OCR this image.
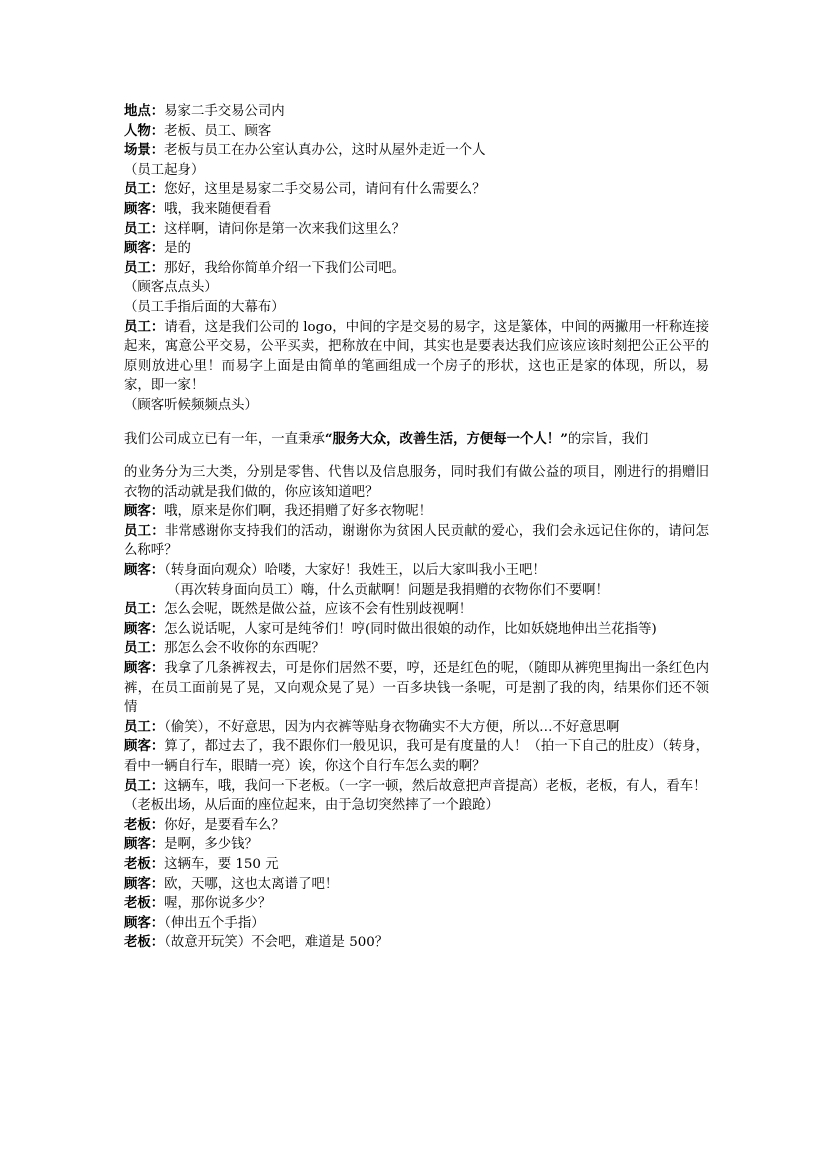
地点：易家二手交易公司内

人物：老板、员工、顾客

场景：老板与员工在办公室认真办公，这时从屋外走近一个人

（员工起身）

员工：您好，这里是易家二手交易公司，请问有什么需要么？

顾客：哦，我来随便看看

员工：这样啊，请问你是第一次来我们这里么？

顾客：是的

员工：那好，我给你简单介绍一下我们公司吧。

（顾客点点头）

（员工手指后面的大幕布）

员工：请看，这是我们公司的 logo，中间的字是交易的易字，这是篆体，中间的两撇用一杆称连接起来，寓意公平交易，公平买卖，把称放在中间，其实也是要表达我们应该应该时刻把公正公平的原则放进心里！而易字上面是由简单的笔画组成一个房子的形状，这也正是家的体现，所以，易家，即一家！

（顾客听候频频点头）

我们公司成立已有一年，一直秉承“服务大众，改善生活，方便每一个人！”的宗旨，我们

的业务分为三大类，分别是零售、代售以及信息服务，同时我们有做公益的项目，刚进行的捐赠旧衣物的活动就是我们做的，你应该知道吧？

顾客：哦，原来是你们啊，我还捐赠了好多衣物呢！

员工：非常感谢你支持我们的活动，谢谢你为贫困人民贡献的爱心，我们会永远记住你的，请问怎么称呼？

顾客：（转身面向观众）哈喽，大家好！我姓王，以后大家叫我小王吧！

（再次转身面向员工）嗨，什么贡献啊！问题是我捐赠的衣物你们不要啊！

员工：怎么会呢，既然是做公益，应该不会有性别歧视啊！

顾客：怎么说话呢，人家可是纯爷们！哼(同时做出很娘的动作，比如妖娆地伸出兰花指等)

员工：那怎么会不收你的东西呢？

顾客：我拿了几条裤衩去，可是你们居然不要，哼，还是红色的呢，（随即从裤兜里掏出一条红色内裤，在员工面前晃了晃，又向观众晃了晃）一百多块钱一条呢，可是割了我的肉，结果你们还不领情

员工：（偷笑），不好意思，因为内衣裤等贴身衣物确实不大方便，所以…不好意思啊

顾客：算了，都过去了，我不跟你们一般见识，我可是有度量的人！（拍一下自己的肚皮）（转身，看中一辆自行车，眼睛一亮）诶，你这个自行车怎么卖的啊？

员工：这辆车，哦，我问一下老板。（一字一顿，然后故意把声音提高）老板，老板，有人，看车！

（老板出场，从后面的座位起来，由于急切突然摔了一个踉跄）

老板：你好，是要看车么？

顾客：是啊，多少钱？

老板：这辆车，要 150 元

顾客：欧，天哪，这也太离谱了吧！

老板：喔，那你说多少？

顾客：（伸出五个手指）

老板：（故意开玩笑）不会吧，难道是 500？
